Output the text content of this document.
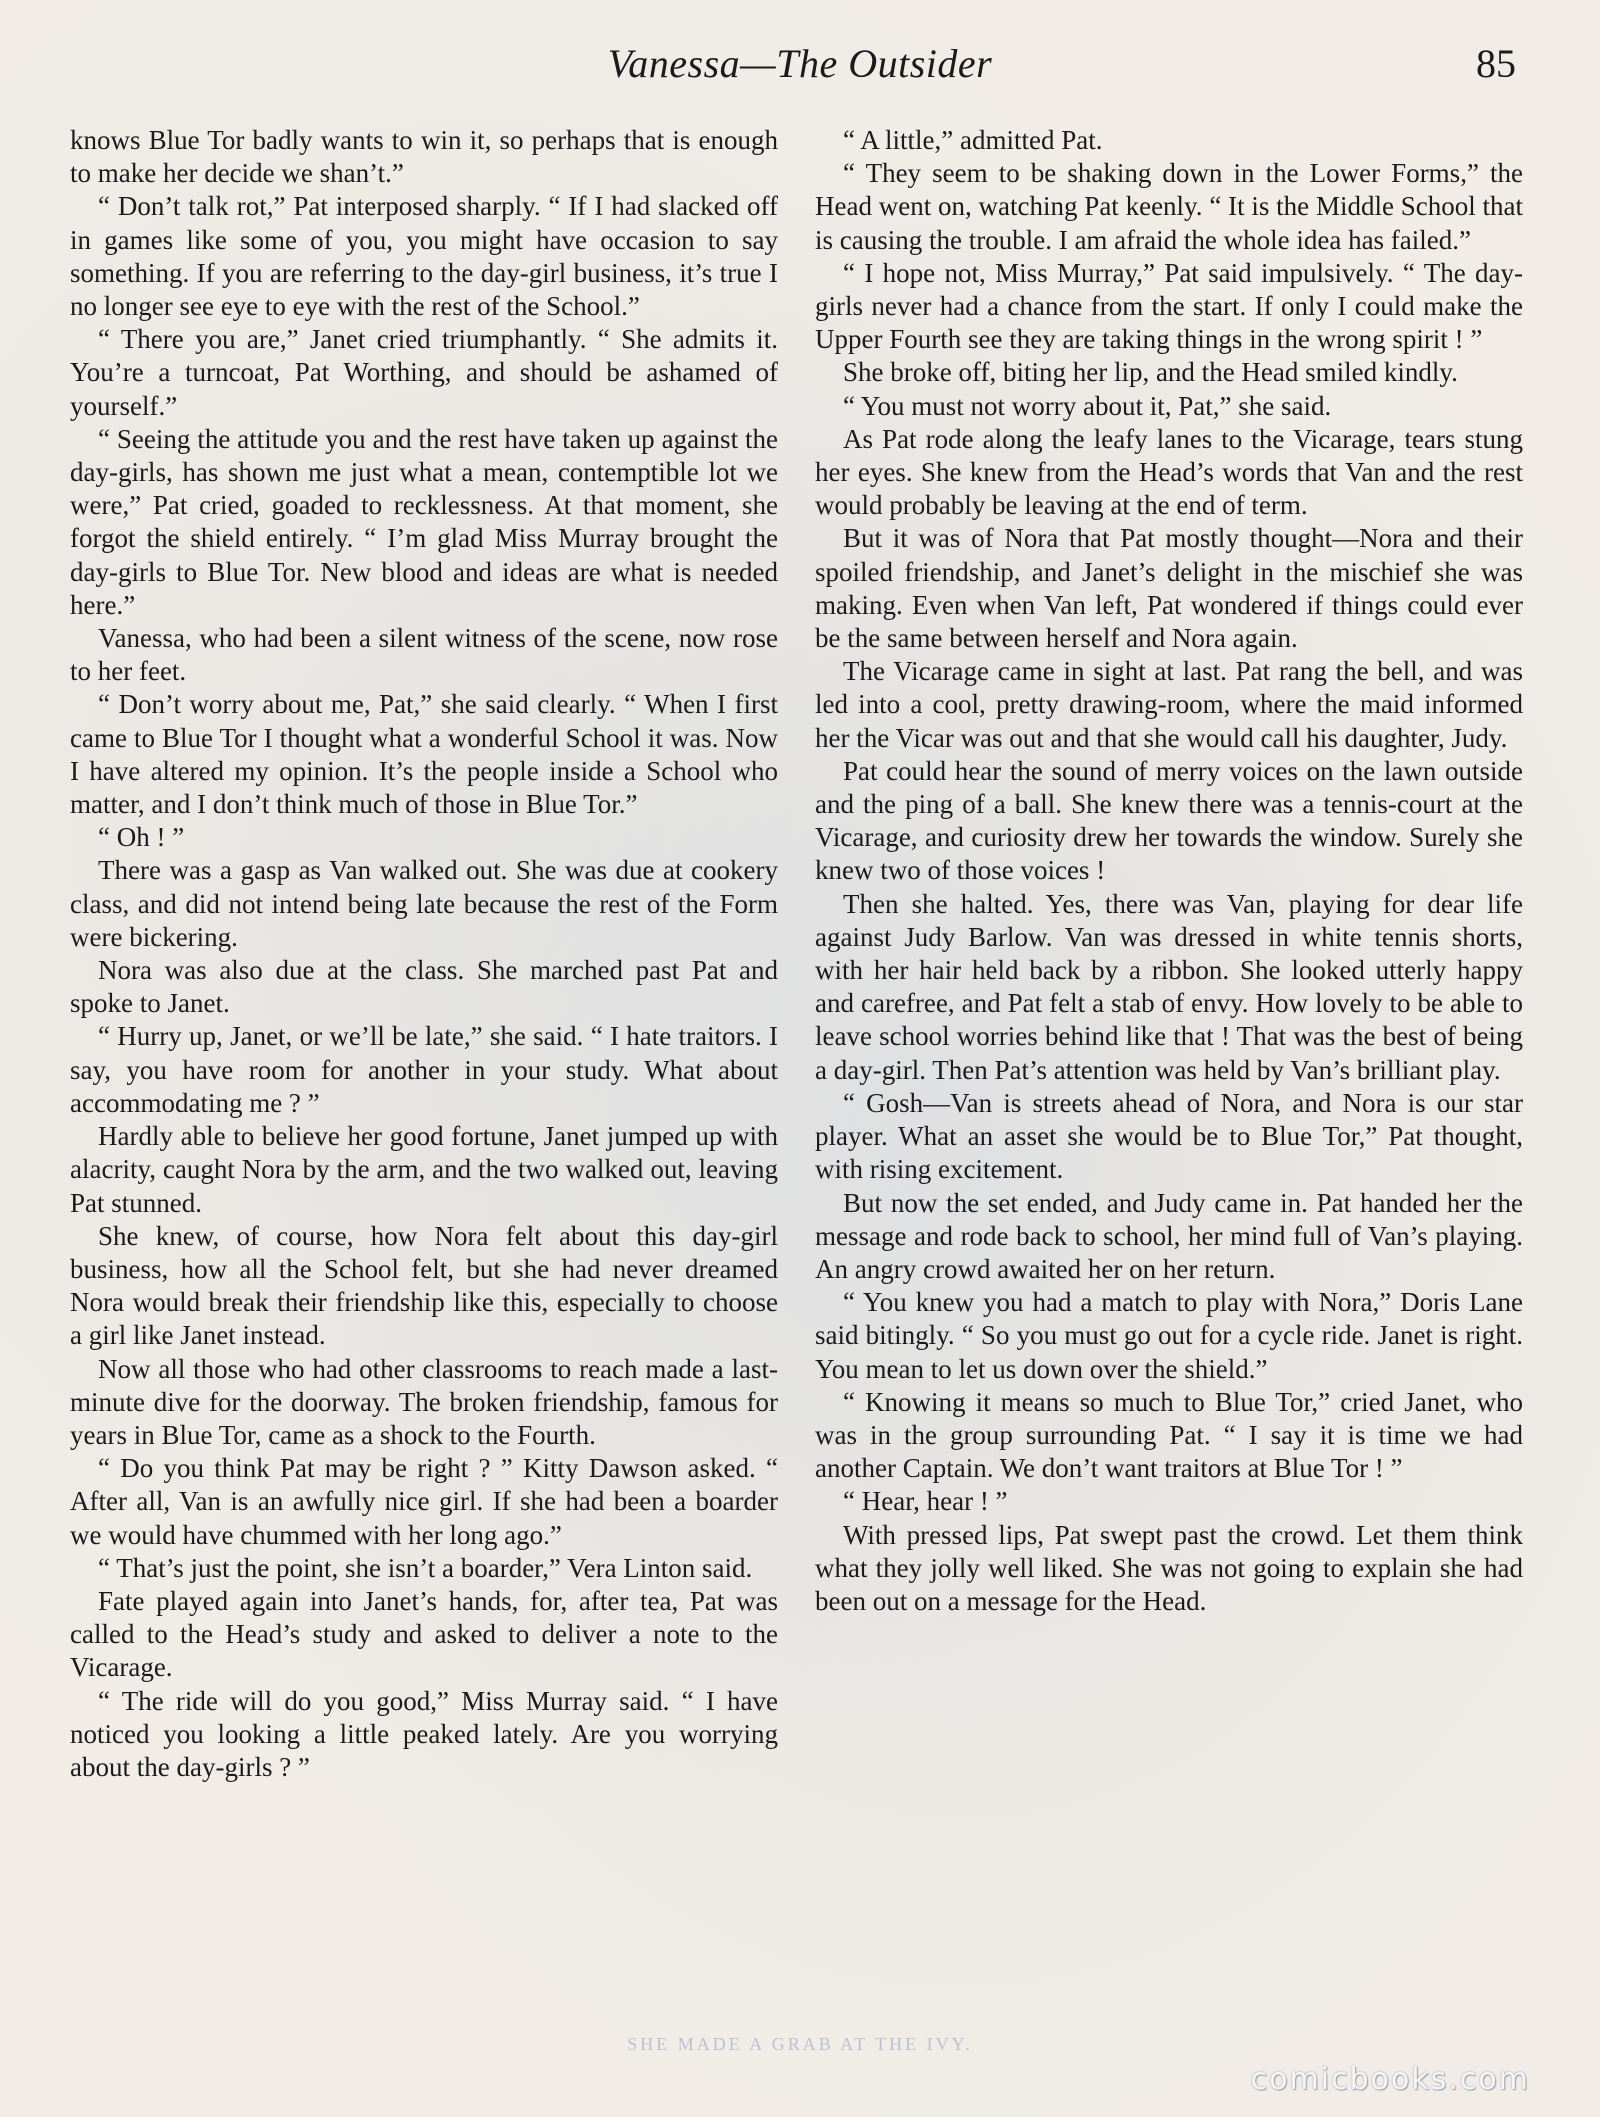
Vanessa—The Outsider	85

knows Blue Tor badly wants to win it, so perhaps that is enough to make her decide we shan’t.”

“ Don’t talk rot,” Pat interposed sharply. “ If I had slacked off in games like some of you, you might have occasion to say something. If you are referring to the day-girl business, it’s true I no longer see eye to eye with the rest of the School.”

“ There you are,” Janet cried triumphantly. “ She admits it. You’re a turncoat, Pat Worthing, and should be ashamed of yourself.”

“ Seeing the attitude you and the rest have taken up against the day-girls, has shown me just what a mean, contemptible lot we were,” Pat cried, goaded to recklessness. At that moment, she forgot the shield entirely. “ I’m glad Miss Murray brought the day-girls to Blue Tor. New blood and ideas are what is needed here.”

Vanessa, who had been a silent witness of the scene, now rose to her feet.

“ Don’t worry about me, Pat,” she said clearly. “ When I first came to Blue Tor I thought what a wonderful School it was. Now I have altered my opinion. It’s the people inside a School who matter, and I don’t think much of those in Blue Tor.”

“ Oh ! ”

There was a gasp as Van walked out. She was due at cookery class, and did not intend being late because the rest of the Form were bickering.

Nora was also due at the class. She marched past Pat and spoke to Janet.

“ Hurry up, Janet, or we’ll be late,” she said. “ I hate traitors. I say, you have room for another in your study. What about accommodating me ? ”

Hardly able to believe her good fortune, Janet jumped up with alacrity, caught Nora by the arm, and the two walked out, leaving Pat stunned.

She knew, of course, how Nora felt about this day-girl business, how all the School felt, but she had never dreamed Nora would break their friendship like this, especially to choose a girl like Janet instead.

Now all those who had other classrooms to reach made a last-minute dive for the doorway. The broken friendship, famous for years in Blue Tor, came as a shock to the Fourth.

“ Do you think Pat may be right ? ” Kitty Dawson asked. “ After all, Van is an awfully nice girl. If she had been a boarder we would have chummed with her long ago.”

“ That’s just the point, she isn’t a boarder,” Vera Linton said.

Fate played again into Janet’s hands, for, after tea, Pat was called to the Head’s study and asked to deliver a note to the Vicarage.

“ The ride will do you good,” Miss Murray said. “ I have noticed you looking a little peaked lately. Are you worrying about the day-girls ? ”

“ A little,” admitted Pat.

“ They seem to be shaking down in the Lower Forms,” the Head went on, watching Pat keenly. “ It is the Middle School that is causing the trouble. I am afraid the whole idea has failed.”

“ I hope not, Miss Murray,” Pat said impulsively. “ The day-girls never had a chance from the start. If only I could make the Upper Fourth see they are taking things in the wrong spirit ! ”

She broke off, biting her lip, and the Head smiled kindly.

“ You must not worry about it, Pat,” she said.

As Pat rode along the leafy lanes to the Vicarage, tears stung her eyes. She knew from the Head’s words that Van and the rest would probably be leaving at the end of term.

But it was of Nora that Pat mostly thought—Nora and their spoiled friendship, and Janet’s delight in the mischief she was making. Even when Van left, Pat wondered if things could ever be the same between herself and Nora again.

The Vicarage came in sight at last. Pat rang the bell, and was led into a cool, pretty drawing-room, where the maid informed her the Vicar was out and that she would call his daughter, Judy.

Pat could hear the sound of merry voices on the lawn outside and the ping of a ball. She knew there was a tennis-court at the Vicarage, and curiosity drew her towards the window. Surely she knew two of those voices !

Then she halted. Yes, there was Van, playing for dear life against Judy Barlow. Van was dressed in white tennis shorts, with her hair held back by a ribbon. She looked utterly happy and carefree, and Pat felt a stab of envy. How lovely to be able to leave school worries behind like that ! That was the best of being a day-girl. Then Pat’s attention was held by Van’s brilliant play.

“ Gosh—Van is streets ahead of Nora, and Nora is our star player. What an asset she would be to Blue Tor,” Pat thought, with rising excitement.

But now the set ended, and Judy came in. Pat handed her the message and rode back to school, her mind full of Van’s playing. An angry crowd awaited her on her return.

“ You knew you had a match to play with Nora,” Doris Lane said bitingly. “ So you must go out for a cycle ride. Janet is right. You mean to let us down over the shield.”

“ Knowing it means so much to Blue Tor,” cried Janet, who was in the group surrounding Pat. “ I say it is time we had another Captain. We don’t want traitors at Blue Tor ! ”

“ Hear, hear ! ”

With pressed lips, Pat swept past the crowd. Let them think what they jolly well liked. She was not going to explain she had been out on a message for the Head.

SHE MADE A GRAB AT THE IVY.
comicbooks.com
